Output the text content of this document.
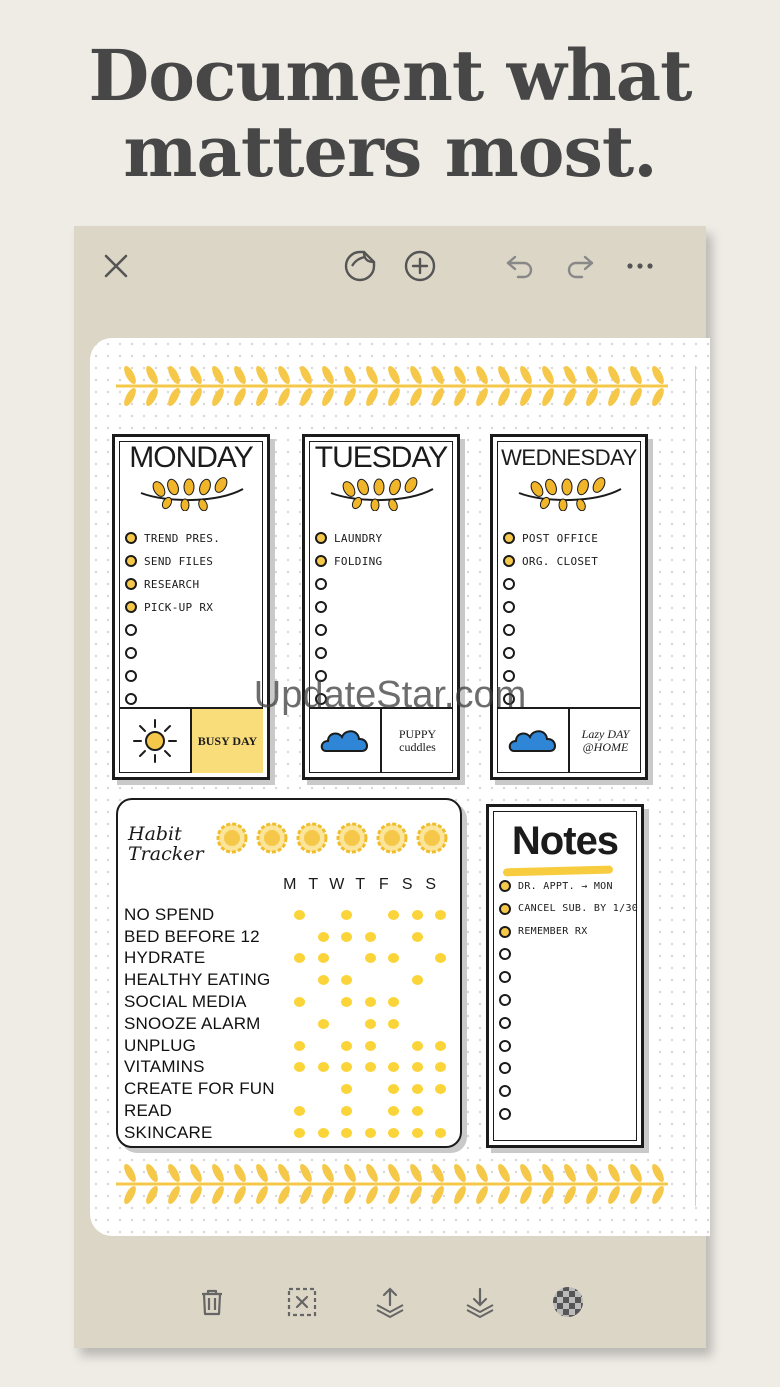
Document what
matters most.
MONDAY
TREND PRES.
SEND FILES
RESEARCH
PICK-UP RX
BUSY DAY
TUESDAY
LAUNDRY
FOLDING
PUPPY cuddles
WEDNESDAY
POST OFFICE
ORG. CLOSET
Lazy DAY @HOME
Habit
Tracker
M T W T F S S
NO SPEND
BED BEFORE 12
HYDRATE
HEALTHY EATING
SOCIAL MEDIA
SNOOZE ALARM
UNPLUG
VITAMINS
CREATE FOR FUN
READ
SKINCARE
Notes
DR. APPT. → MON
CANCEL SUB. BY 1/30
REMEMBER RX
UpdateStar.com
